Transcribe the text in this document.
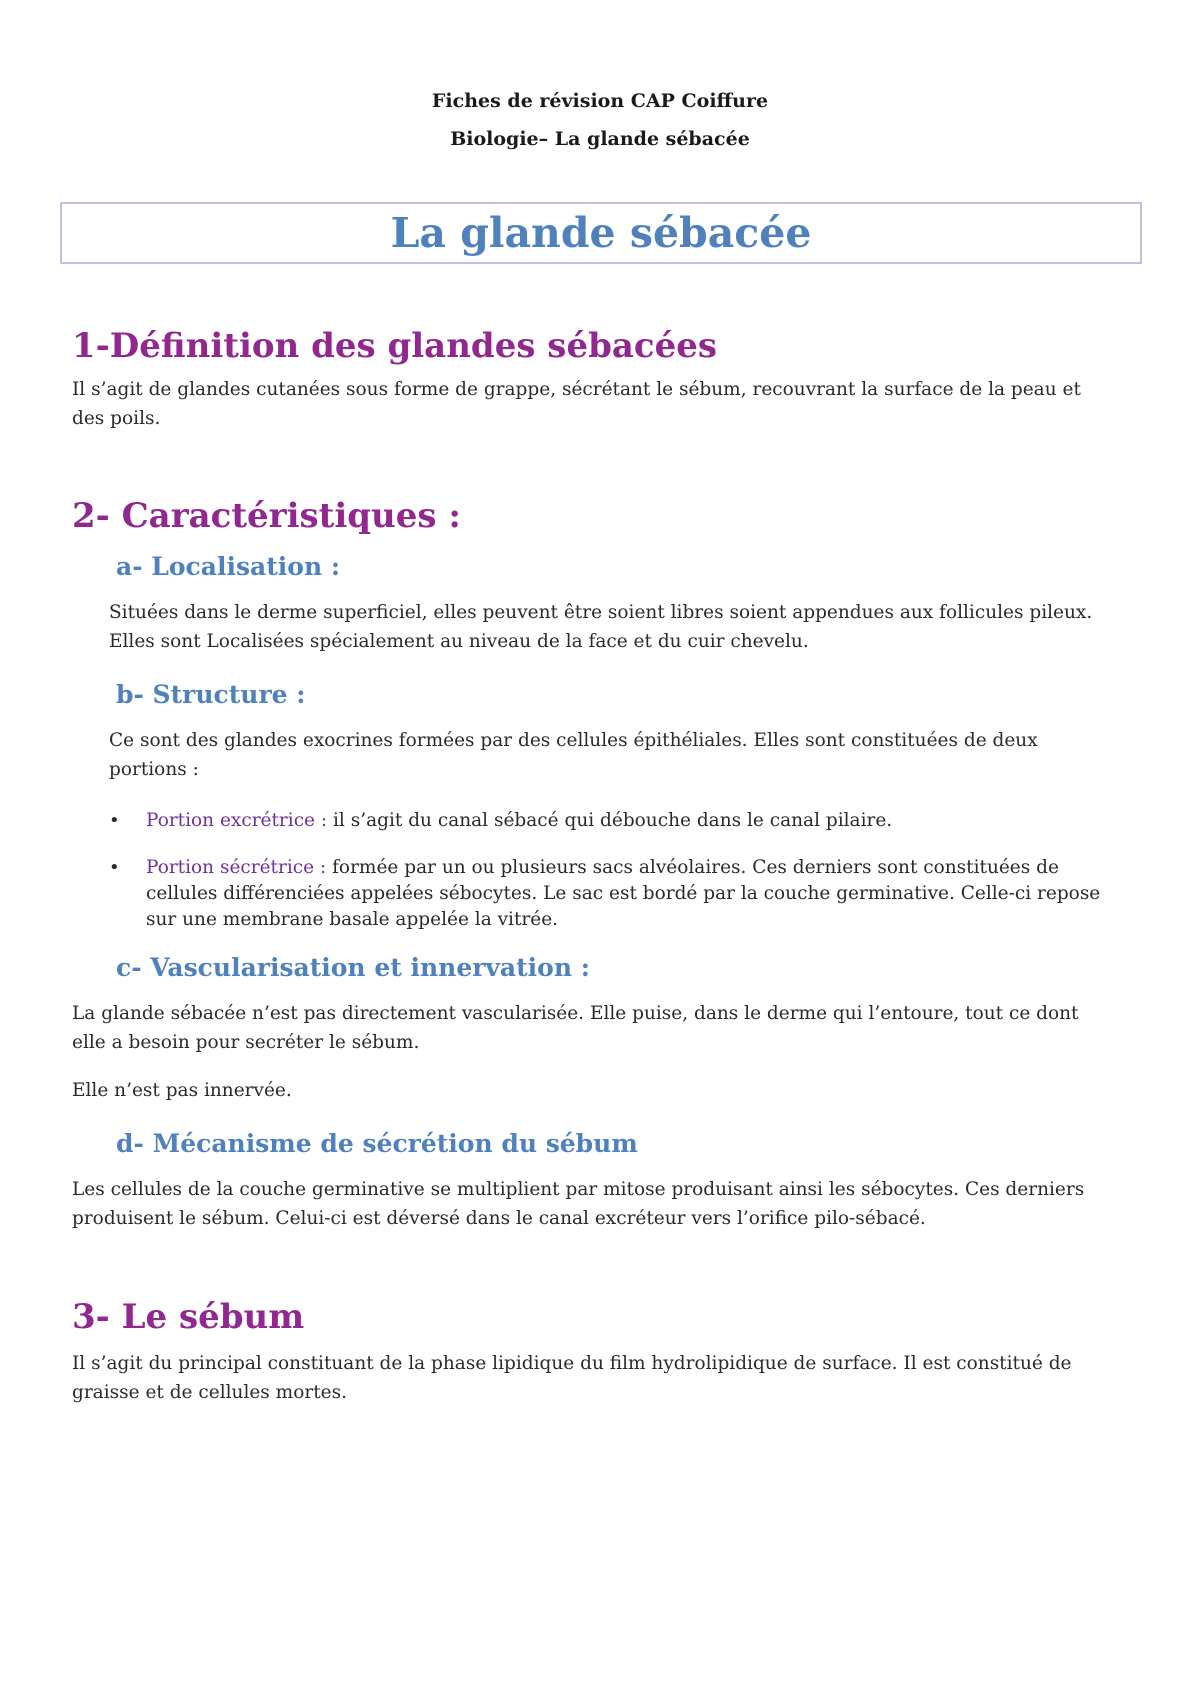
Fiches de révision CAP Coiffure
Biologie– La glande sébacée
La glande sébacée
1-Définition des glandes sébacées
Il s’agit de glandes cutanées sous forme de grappe, sécrétant le sébum, recouvrant la surface de la peau et
des poils.
2- Caractéristiques :
a- Localisation :
Situées dans le derme superficiel, elles peuvent être soient libres soient appendues aux follicules pileux.
Elles sont Localisées spécialement au niveau de la face et du cuir chevelu.
b- Structure :
Ce sont des glandes exocrines formées par des cellules épithéliales. Elles sont constituées de deux
portions :
• Portion excrétrice : il s’agit du canal sébacé qui débouche dans le canal pilaire.
• Portion sécrétrice : formée par un ou plusieurs sacs alvéolaires. Ces derniers sont constituées de
cellules différenciées appelées sébocytes. Le sac est bordé par la couche germinative. Celle-ci repose
sur une membrane basale appelée la vitrée.
c- Vascularisation et innervation :
La glande sébacée n’est pas directement vascularisée. Elle puise, dans le derme qui l’entoure, tout ce dont
elle a besoin pour secréter le sébum.
Elle n’est pas innervée.
d- Mécanisme de sécrétion du sébum
Les cellules de la couche germinative se multiplient par mitose produisant ainsi les sébocytes. Ces derniers
produisent le sébum. Celui-ci est déversé dans le canal excréteur vers l’orifice pilo-sébacé.
3- Le sébum
Il s’agit du principal constituant de la phase lipidique du film hydrolipidique de surface. Il est constitué de
graisse et de cellules mortes.
